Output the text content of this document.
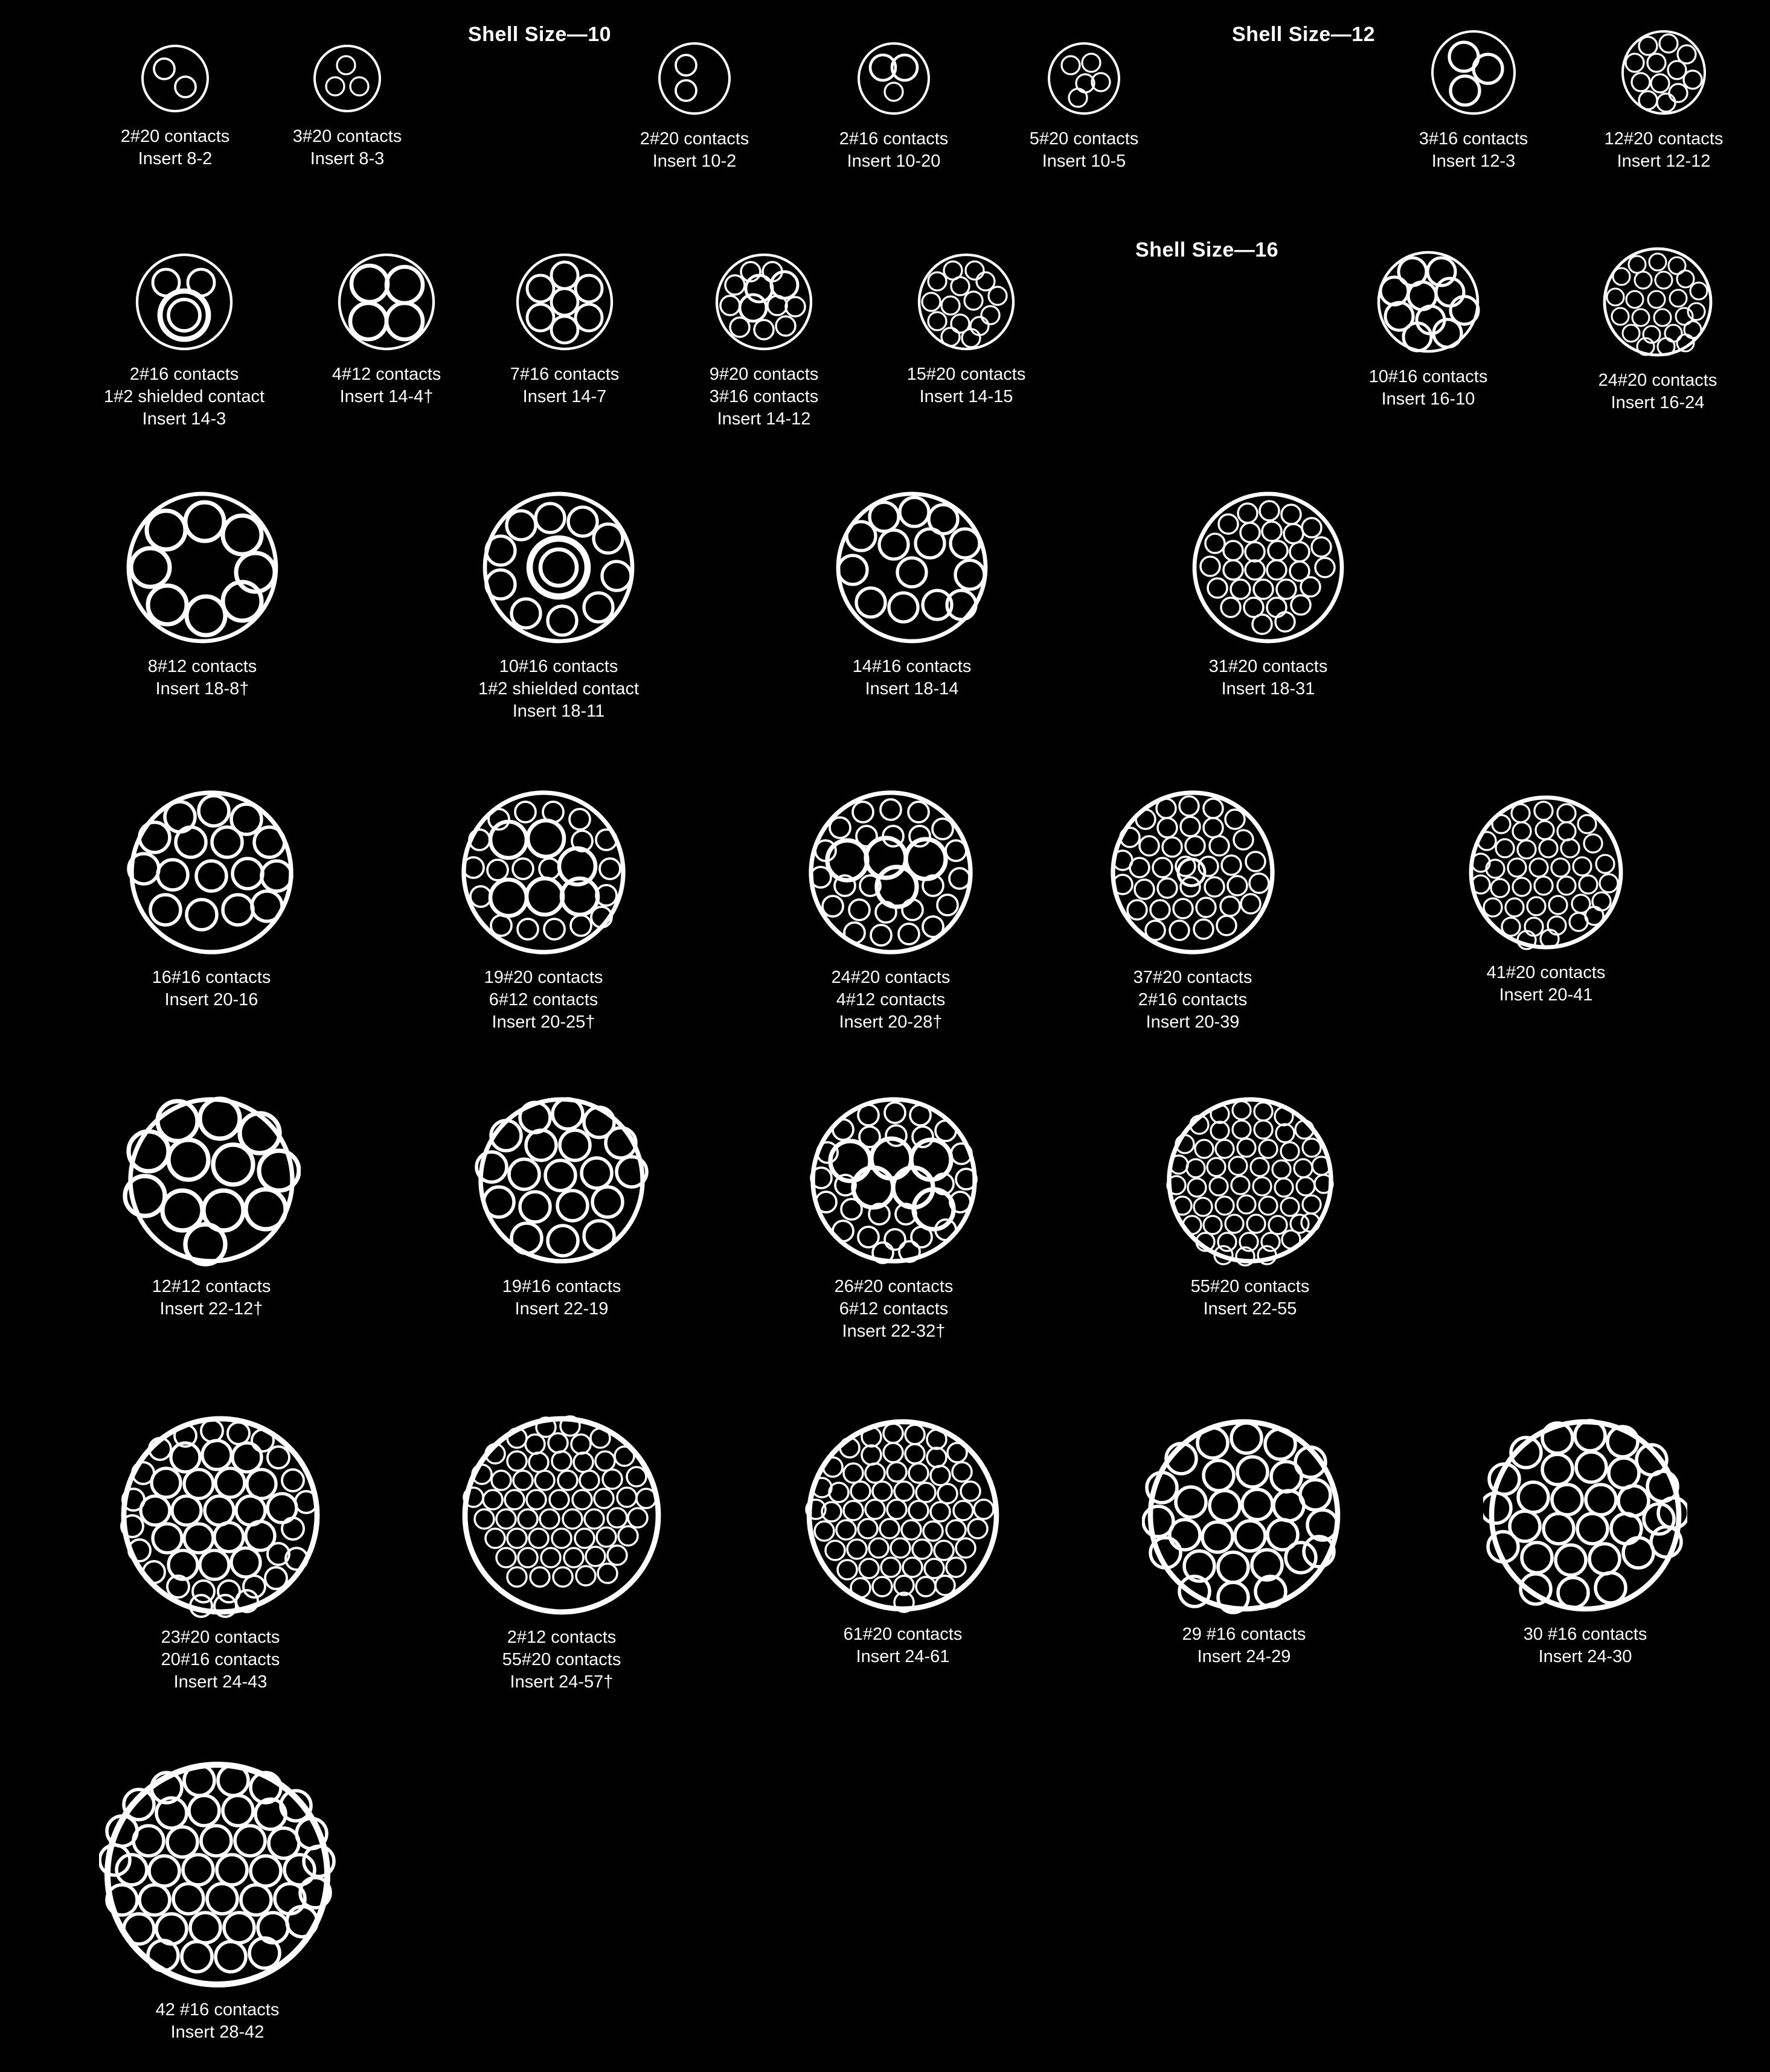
Shell Size—10	Shell Size—12
Shell Size—16
2#20 contacts
Insert 8-2
3#20 contacts
Insert 8-3
2#20 contacts
Insert 10-2
2#16 contacts
Insert 10-20
5#20 contacts
Insert 10-5
3#16 contacts
Insert 12-3
12#20 contacts
Insert 12-12
2#16 contacts
1#2 shielded contact
Insert 14-3
4#12 contacts
Insert 14-4†
7#16 contacts
Insert 14-7
9#20 contacts
3#16 contacts
Insert 14-12
15#20 contacts
Insert 14-15
10#16 contacts
Insert 16-10
24#20 contacts
Insert 16-24
8#12 contacts
Insert 18-8†
10#16 contacts
1#2 shielded contact
Insert 18-11
14#16 contacts
Insert 18-14
31#20 contacts
Insert 18-31
16#16 contacts
Insert 20-16
19#20 contacts
6#12 contacts
Insert 20-25†
24#20 contacts
4#12 contacts
Insert 20-28†
37#20 contacts
2#16 contacts
Insert 20-39
41#20 contacts
Insert 20-41
12#12 contacts
Insert 22-12†
19#16 contacts
Insert 22-19
26#20 contacts
6#12 contacts
Insert 22-32†
55#20 contacts
Insert 22-55
23#20 contacts
20#16 contacts
Insert 24-43
2#12 contacts
55#20 contacts
Insert 24-57†
61#20 contacts
Insert 24-61
29 #16 contacts
Insert 24-29
30 #16 contacts
Insert 24-30
42 #16 contacts
Insert 28-42
